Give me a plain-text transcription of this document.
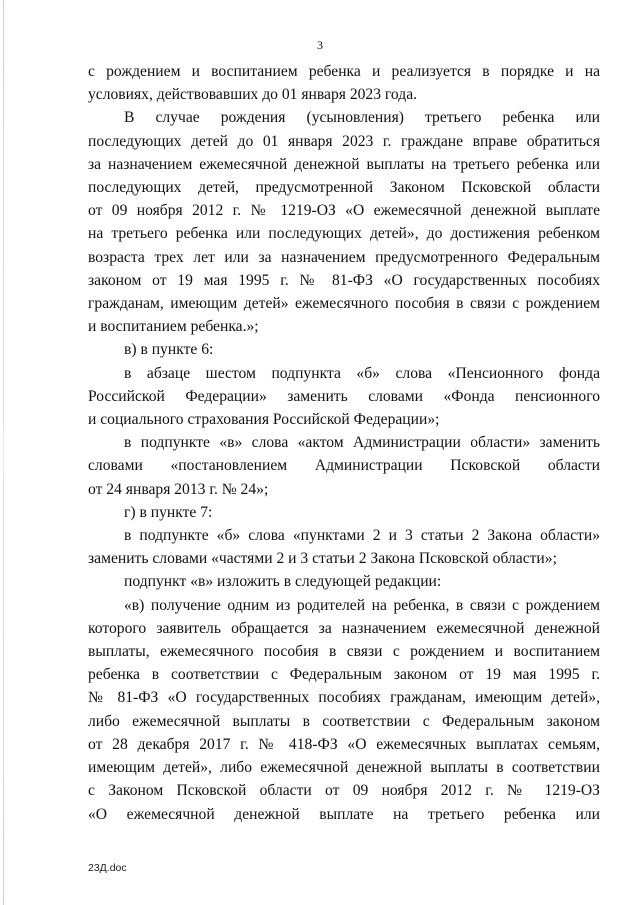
3

с рождением и воспитанием ребенка и реализуется в порядке и на

условиях, действовавших до 01 января 2023 года.

В случае рождения (усыновления) третьего ребенка или

последующих детей до 01 января 2023 г. граждане вправе обратиться

за назначением ежемесячной денежной выплаты на третьего ребенка или

последующих детей, предусмотренной Законом Псковской области

от 09 ноября 2012 г. № 1219-ОЗ «О ежемесячной денежной выплате

на третьего ребенка или последующих детей», до достижения ребенком

возраста трех лет или за назначением предусмотренного Федеральным

законом от 19 мая 1995 г. № 81-ФЗ «О государственных пособиях

гражданам, имеющим детей» ежемесячного пособия в связи с рождением

и воспитанием ребенка.»;

в) в пункте 6:

в абзаце шестом подпункта «б» слова «Пенсионного фонда

Российской Федерации» заменить словами «Фонда пенсионного

и социального страхования Российской Федерации»;

в подпункте «в» слова «актом Администрации области» заменить

словами «постановлением Администрации Псковской области

от 24 января 2013 г. № 24»;

г) в пункте 7:

в подпункте «б» слова «пунктами 2 и 3 статьи 2 Закона области»

заменить словами «частями 2 и 3 статьи 2 Закона Псковской области»;

подпункт «в» изложить в следующей редакции:

«в) получение одним из родителей на ребенка, в связи с рождением

которого заявитель обращается за назначением ежемесячной денежной

выплаты, ежемесячного пособия в связи с рождением и воспитанием

ребенка в соответствии с Федеральным законом от 19 мая 1995 г.

№ 81-ФЗ «О государственных пособиях гражданам, имеющим детей»,

либо ежемесячной выплаты в соответствии с Федеральным законом

от 28 декабря 2017 г. № 418-ФЗ «О ежемесячных выплатах семьям,

имеющим детей», либо ежемесячной денежной выплаты в соответствии

с Законом Псковской области от 09 ноября 2012 г. № 1219-ОЗ

«О ежемесячной денежной выплате на третьего ребенка или

23Д.doc
